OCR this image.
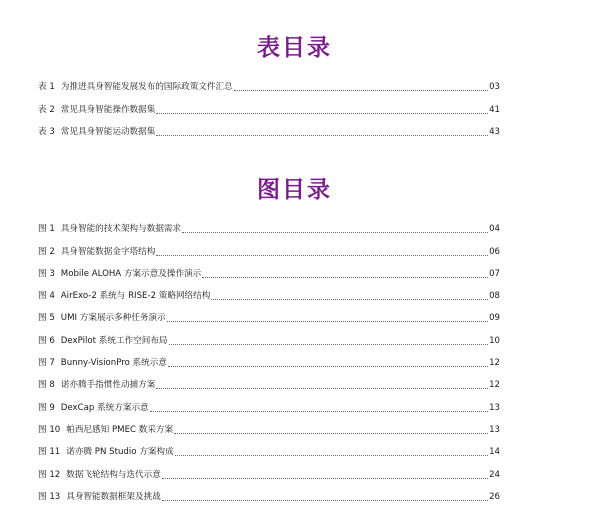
表目录
表 1 为推进具身智能发展发布的国际政策文件汇总	03
表 2 常见具身智能操作数据集	41
表 3 常见具身智能运动数据集	43
图目录
图 1 具身智能的技术架构与数据需求	04
图 2 具身智能数据金字塔结构	06
图 3 Mobile ALOHA 方案示意及操作演示	07
图 4 AirExo-2 系统与 RISE-2 策略网络结构	08
图 5 UMI 方案展示多种任务演示	09
图 6 DexPilot 系统工作空间布局	10
图 7 Bunny-VisionPro 系统示意	12
图 8 诺亦腾手指惯性动捕方案	12
图 9 DexCap 系统方案示意	13
图 10 帕西尼感知 PMEC 数采方案	13
图 11 诺亦腾 PN Studio 方案构成	14
图 12 数据飞轮结构与迭代示意	24
图 13 具身智能数据框架及挑战	26
